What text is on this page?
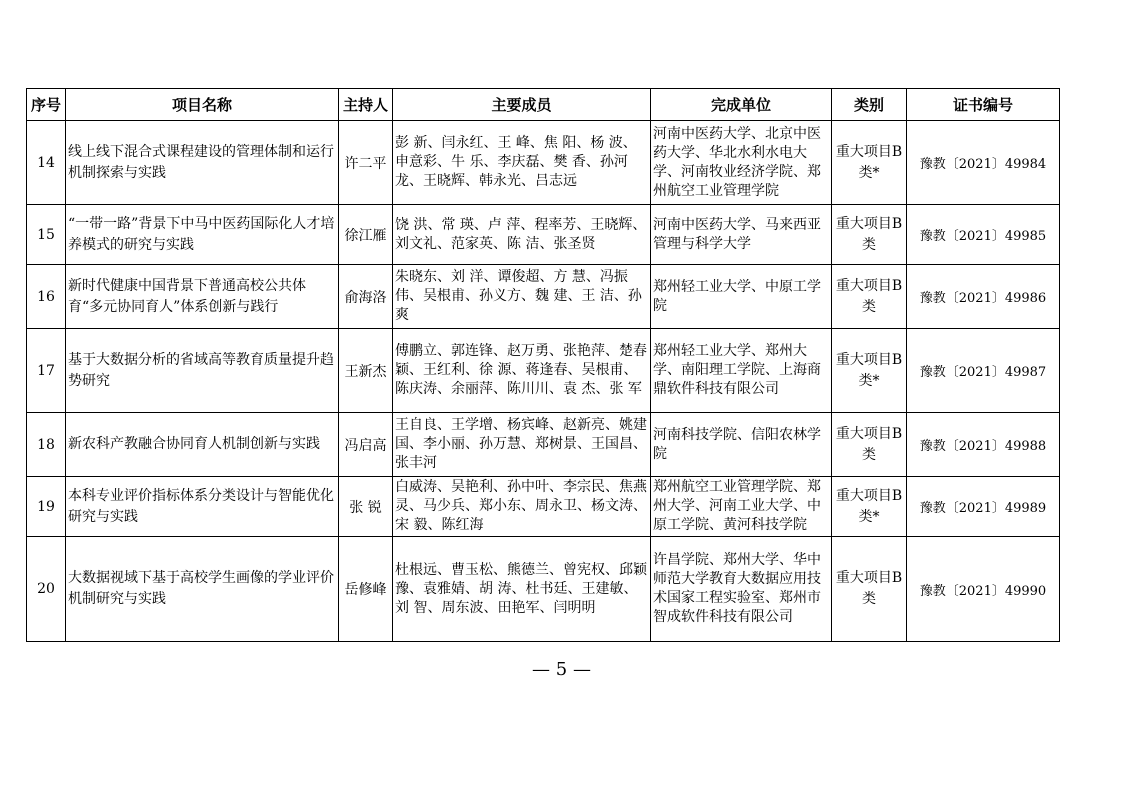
序号	项目名称	主持人	主要成员	完成单位	类别	证书编号
14	线上线下混合式课程建设的管理体制和运行机制探索与实践	许二平	彭 新、闫永红、王 峰、焦 阳、杨 波、申意彩、牛 乐、李庆磊、樊 香、孙河龙、王晓辉、韩永光、吕志远	河南中医药大学、北京中医药大学、华北水利水电大学、河南牧业经济学院、郑州航空工业管理学院	重大项目B类*	豫教〔2021〕49984
15	“一带一路”背景下中马中医药国际化人才培养模式的研究与实践	徐江雁	饶 洪、常 瑛、卢 萍、程率芳、王晓辉、刘文礼、范家英、陈 洁、张圣贤	河南中医药大学、马来西亚管理与科学大学	重大项目B类	豫教〔2021〕49985
16	新时代健康中国背景下普通高校公共体育“多元协同育人”体系创新与践行	俞海洛	朱晓东、刘 洋、谭俊超、方 慧、冯振伟、吴根甫、孙义方、魏 建、王 洁、孙 爽	郑州轻工业大学、中原工学院	重大项目B类	豫教〔2021〕49986
17	基于大数据分析的省域高等教育质量提升趋势研究	王新杰	傅鹏立、郭连锋、赵万勇、张艳萍、楚春颖、王红利、徐 源、蒋逢春、吴根甫、陈庆涛、余丽萍、陈川川、袁 杰、张 军	郑州轻工业大学、郑州大学、南阳理工学院、上海商鼎软件科技有限公司	重大项目B类*	豫教〔2021〕49987
18	新农科产教融合协同育人机制创新与实践	冯启高	王自良、王学增、杨宾峰、赵新亮、姚建国、李小丽、孙万慧、郑树景、王国昌、张丰河	河南科技学院、信阳农林学院	重大项目B类	豫教〔2021〕49988
19	本科专业评价指标体系分类设计与智能优化研究与实践	张 锐	白威涛、吴艳利、孙中叶、李宗民、焦燕灵、马少兵、郑小东、周永卫、杨文涛、宋 毅、陈红海	郑州航空工业管理学院、郑州大学、河南工业大学、中原工学院、黄河科技学院	重大项目B类*	豫教〔2021〕49989
20	大数据视域下基于高校学生画像的学业评价机制研究与实践	岳修峰	杜根远、曹玉松、熊德兰、曾宪权、邱颖豫、袁雅婧、胡 涛、杜书廷、王建敏、刘 智、周东波、田艳军、闫明明	许昌学院、郑州大学、华中师范大学教育大数据应用技术国家工程实验室、郑州市智成软件科技有限公司	重大项目B类	豫教〔2021〕49990
— 5 —
